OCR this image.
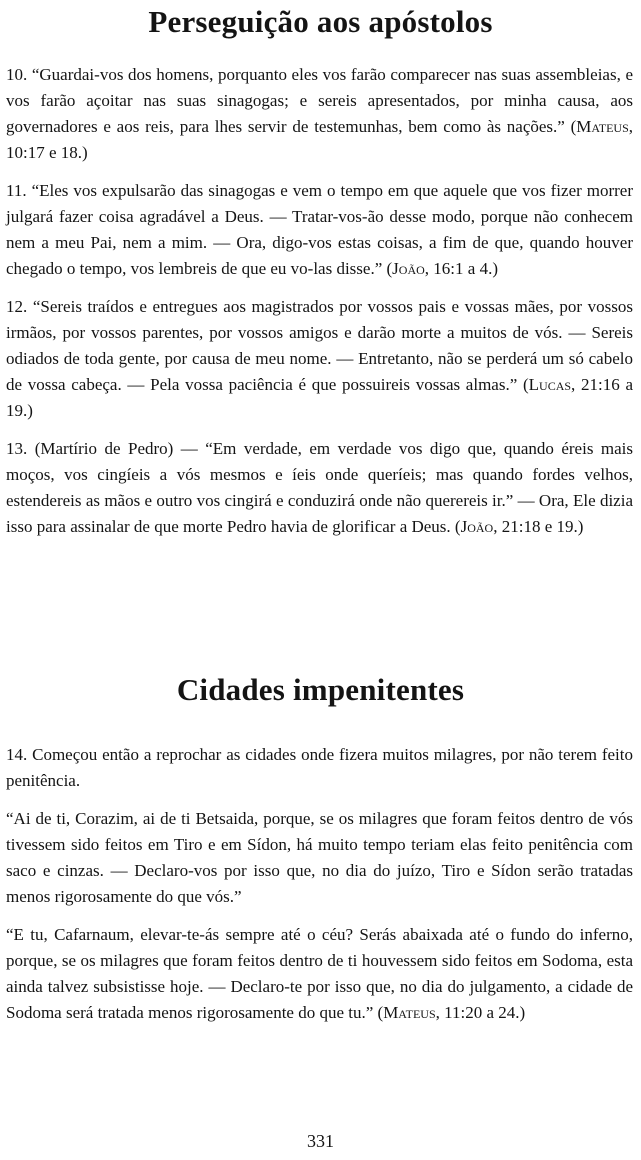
Perseguição aos apóstolos

10. “Guardai-vos dos homens, porquanto eles vos farão comparecer nas suas assembleias, e vos farão açoitar nas suas sinagogas; e sereis apresentados, por minha causa, aos governadores e aos reis, para lhes servir de testemunhas, bem como às nações.” (Mateus, 10:17 e 18.)

11. “Eles vos expulsarão das sinagogas e vem o tempo em que aquele que vos fizer morrer julgará fazer coisa agradável a Deus. — Tratar-vos-ão desse modo, porque não conhecem nem a meu Pai, nem a mim. — Ora, digo-vos estas coisas, a fim de que, quando houver chegado o tempo, vos lembreis de que eu vo-las disse.” (João, 16:1 a 4.)

12. “Sereis traídos e entregues aos magistrados por vossos pais e vossas mães, por vossos irmãos, por vossos parentes, por vossos amigos e darão morte a muitos de vós. — Sereis odiados de toda gente, por causa de meu nome. — Entretanto, não se perderá um só cabelo de vossa cabeça. — Pela vossa paciência é que possuireis vossas almas.” (Lucas, 21:16 a 19.)

13. (Martírio de Pedro) — “Em verdade, em verdade vos digo que, quando éreis mais moços, vos cingíeis a vós mesmos e íeis onde queríeis; mas quando fordes velhos, estendereis as mãos e outro vos cingirá e conduzirá onde não querereis ir.” — Ora, Ele dizia isso para assinalar de que morte Pedro havia de glorificar a Deus. (João, 21:18 e 19.)

Cidades impenitentes

14. Começou então a reprochar as cidades onde fizera muitos milagres, por não terem feito penitência.

“Ai de ti, Corazim, ai de ti Betsaida, porque, se os milagres que foram feitos dentro de vós tivessem sido feitos em Tiro e em Sídon, há muito tempo teriam elas feito penitência com saco e cinzas. — Declaro-vos por isso que, no dia do juízo, Tiro e Sídon serão tratadas menos rigorosamente do que vós.”

“E tu, Cafarnaum, elevar-te-ás sempre até o céu? Serás abaixada até o fundo do inferno, porque, se os milagres que foram feitos dentro de ti houvessem sido feitos em Sodoma, esta ainda talvez subsistisse hoje. — Declaro-te por isso que, no dia do julgamento, a cidade de Sodoma será tratada menos rigorosamente do que tu.” (Mateus, 11:20 a 24.)

331
